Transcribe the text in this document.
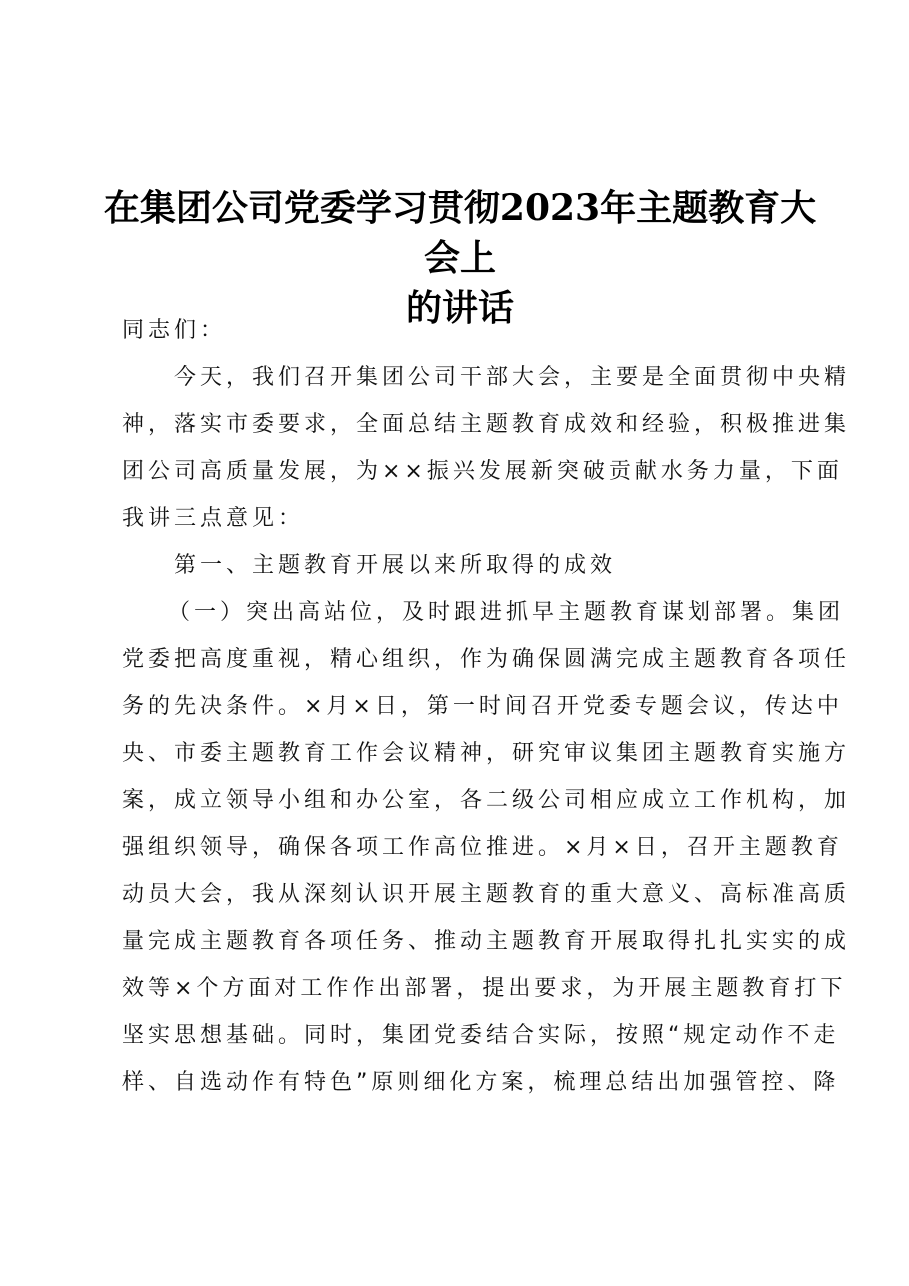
在集团公司党委学习贯彻2023年主题教育大会上
的讲话
同志们：
今天，我们召开集团公司干部大会，主要是全面贯彻中央精
神，落实市委要求，全面总结主题教育成效和经验，积极推进集
团公司高质量发展，为××振兴发展新突破贡献水务力量，下面
我讲三点意见：
第一、主题教育开展以来所取得的成效
（一）突出高站位，及时跟进抓早主题教育谋划部署。集团
党委把高度重视，精心组织，作为确保圆满完成主题教育各项任
务的先决条件。×月×日，第一时间召开党委专题会议，传达中
央、市委主题教育工作会议精神，研究审议集团主题教育实施方
案，成立领导小组和办公室，各二级公司相应成立工作机构，加
强组织领导，确保各项工作高位推进。×月×日，召开主题教育
动员大会，我从深刻认识开展主题教育的重大意义、高标准高质
量完成主题教育各项任务、推动主题教育开展取得扎扎实实的成
效等×个方面对工作作出部署，提出要求，为开展主题教育打下
坚实思想基础。同时，集团党委结合实际，按照“规定动作不走
样、自选动作有特色”原则细化方案，梳理总结出加强管控、降
